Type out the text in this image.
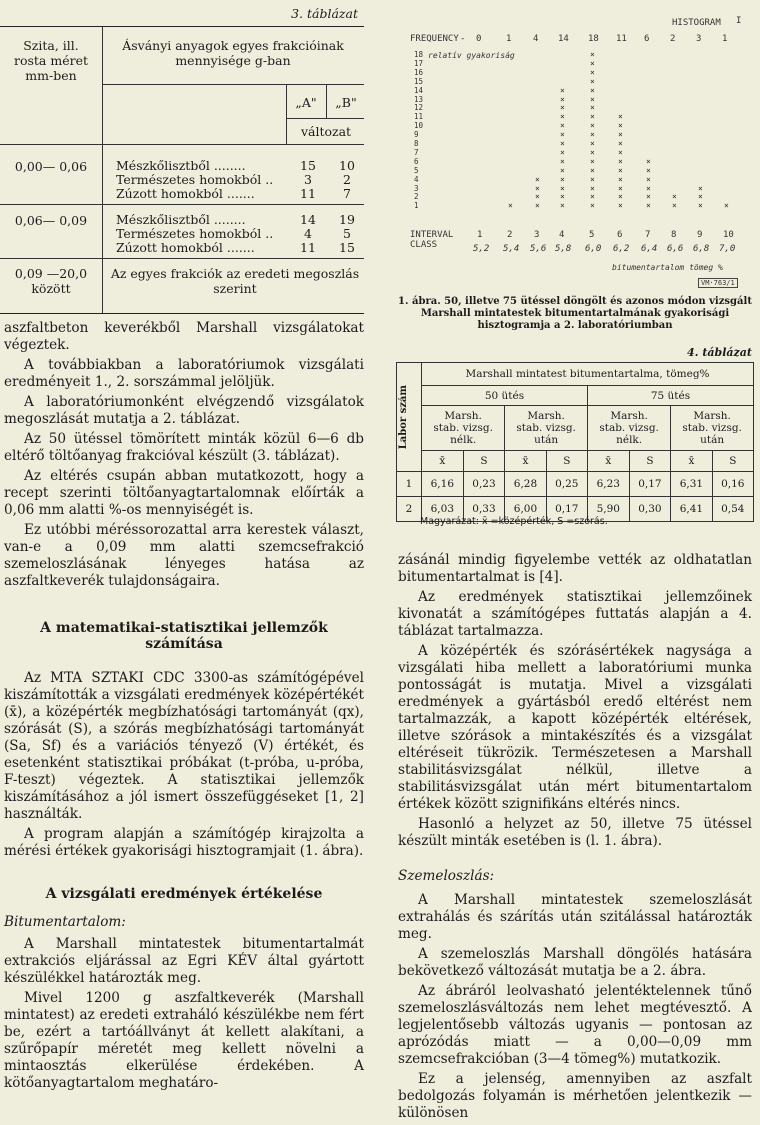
3. táblázat
Szita, ill.
rosta méret
mm-ben
Ásványi anyagok egyes frakcióinak
mennyisége g-ban
„A"	„B"
változat
0,00— 0,06	Mészkőlisztből ........	15	10
Természetes homokból ..	3	2
Zúzott homokból .......	11	7
0,06— 0,09	Mészkőlisztből ........	14	19
Természetes homokból ..	4	5
Zúzott homokból .......	11	15
0,09 —20,0
között
Az egyes frakciók az eredeti megoszlás
szerint

aszfaltbeton keverékből Marshall vizsgálatokat végeztek.

A továbbiakban a laboratóriumok vizsgálati eredményeit 1., 2. sorszámmal jelöljük.

A laboratóriumonként elvégzendő vizsgálatok megoszlását mutatja a 2. táblázat.

Az 50 ütéssel tömörített minták közül 6—6 db eltérő töltőanyag frakcióval készült (3. táblázat).

Az eltérés csupán abban mutatkozott, hogy a recept szerinti töltőanyagtartalomnak előírták a 0,06 mm alatti %-os mennyiségét is.

Ez utóbbi méréssorozattal arra kerestek választ, van-e a 0,09 mm alatti szemcsefrakció szemeloszlásának lényeges hatása az aszfaltkeverék tulajdonságaira.

A matematikai-statisztikai jellemzők számítása

Az MTA SZTAKI CDC 3300-as számítógépével kiszámították a vizsgálati eredmények középértékét (x̄), a középérték megbízhatósági tartományát (qx), szórását (S), a szórás megbízhatósági tartományát (Sa, Sf) és a variációs tényező (V) értékét, és esetenként statisztikai próbákat (t-próba, u-próba, F-teszt) végeztek. A statisztikai jellemzők kiszámításához a jól ismert összefüggéseket [1, 2] használták.

A program alapján a számítógép kirajzolta a mérési értékek gyakorisági hisztogramjait (1. ábra).

A vizsgálati eredmények értékelése
Bitumentartalom:

A Marshall mintatestek bitumentartalmát extrakciós eljárással az Egri KÉV által gyártott készülékkel határozták meg.

Mivel 1200 g aszfaltkeverék (Marshall mintatest) az eredeti extraháló készülékbe nem fért be, ezért a tartóállványt át kellett alakítani, a szűrőpapír méretét meg kellett növelni a mintaosztás elkerülése érdekében. A kötőanyagtartalom meghatáro-

HISTOGRAM I
FREQUENCY -
relatív gyakoriság
0	1 4 14 18 11 6 2 3 1
18
17
16
15
14
13
12
11
10
9
8
7
6
5
4
3
2
1	×	×
×
×
×
×
×
×
×
×
×
×
×
×
×
×
×
×
×
×
×
×
×
×
×
×
×
×
×
×
×
×
×
×
×
×
×
×
×
×
×
×
×
×
×
×
×
×
×
×
×
×
×
×
×
×
×
×
×
×
1	2 3 4	5	6	7 8 9 10
5,2 5,4 5,6 5,8 6,0 6,2 6,4 6,6 6,8 7,0
INTERVAL
CLASS
bitumentartalom tömeg %
VM·763/1
1. ábra. 50, illetve 75 ütéssel döngölt és azonos módon vizsgált
Marshall mintatestek bitumentartalmának gyakorisági
hisztogramja a 2. laboratóriumban
4. táblázat
Labor szám	Marshall mintatest bitumentartalma, tömeg%							
	50 ütés				75 ütés			
	Marsh. stab. vizsg. nélk.		Marsh. stab. vizsg. után		Marsh. stab. vizsg. nélk.		Marsh. stab. vizsg. után	
	x̄	S	x̄	S	x̄	S	x̄	S
1	6,16	0,23	6,28	0,25	6,23	0,17	6,31	0,16
2	6,03	0,33	6,00	0,17	5,90	0,30	6,41	0,54
Magyarázat: x̄ =középérték, S =szórás.

zásánál mindig figyelembe vették az oldhatatlan bitumentartalmat is [4].

Az eredmények statisztikai jellemzőinek kivonatát a számítógépes futtatás alapján a 4. táblázat tartalmazza.

A középérték és szórásértékek nagysága a vizsgálati hiba mellett a laboratóriumi munka pontosságát is mutatja. Mivel a vizsgálati eredmények a gyártásból eredő eltérést nem tartalmazzák, a kapott középérték eltérések, illetve szórások a mintakészítés és a vizsgálat eltéréseit tükrözik. Természetesen a Marshall stabilitásvizsgálat nélkül, illetve a stabilitásvizsgálat után mért bitumentartalom értékek között szignifikáns eltérés nincs.

Hasonló a helyzet az 50, illetve 75 ütéssel készült minták esetében is (l. 1. ábra).

Szemeloszlás:

A Marshall mintatestek szemeloszlását extrahálás és szárítás után szitálással határozták meg.

A szemeloszlás Marshall döngölés hatására bekövetkező változását mutatja be a 2. ábra.

Az ábráról leolvasható jelentéktelennek tűnő szemeloszlásváltozás nem lehet megtévesztő. A legjelentősebb változás ugyanis — pontosan az aprózódás miatt — a 0,00—0,09 mm szemcsefrakcióban (3—4 tömeg%) mutatkozik.

Ez a jelenség, amennyiben az aszfalt bedolgozás folyamán is mérhetően jelentkezik — különösen
